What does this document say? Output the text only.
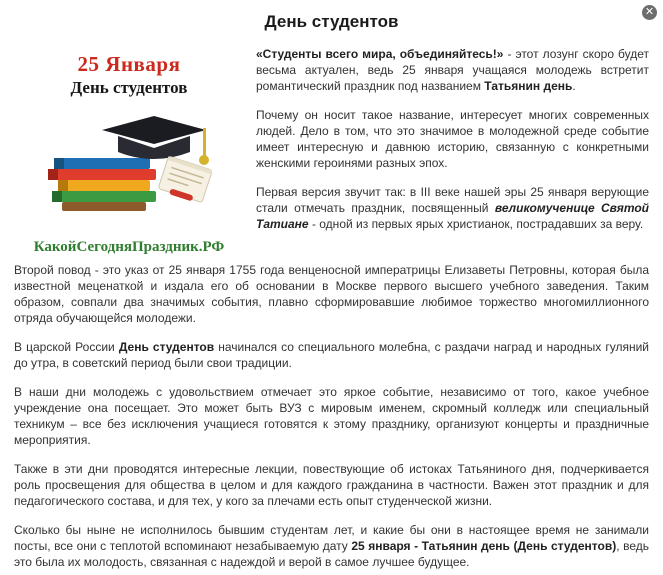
✕
День студентов
25 Января
День студентов
КакойСегодняПраздник.РФ

«Студенты всего мира, объединяйтесь!» - этот лозунг скоро будет весьма актуален, ведь 25 января учащаяся молодежь встретит романтический праздник под названием Татьянин день.

Почему он носит такое название, интересует многих современных людей. Дело в том, что это значимое в молодежной среде событие имеет интересную и давнюю историю, связанную с конкретными женскими героинями разных эпох.

Первая версия звучит так: в III веке нашей эры 25 января верующие стали отмечать праздник, посвященный великомученице Святой Татиане - одной из первых ярых христианок, пострадавших за веру.

Второй повод - это указ от 25 января 1755 года венценосной императрицы Елизаветы Петровны, которая была известной меценаткой и издала его об основании в Москве первого высшего учебного заведения. Таким образом, совпали два значимых события, плавно сформировавшие любимое торжество многомиллионного отряда обучающейся молодежи.

В царской России День студентов начинался со специального молебна, с раздачи наград и народных гуляний до утра, в советский период были свои традиции.

В наши дни молодежь с удовольствием отмечает это яркое событие, независимо от того, какое учебное учреждение она посещает. Это может быть ВУЗ с мировым именем, скромный колледж или специальный техникум – все без исключения учащиеся готовятся к этому празднику, организуют концерты и праздничные мероприятия.

Также в эти дни проводятся интересные лекции, повествующие об истоках Татьяниного дня, подчеркивается роль просвещения для общества в целом и для каждого гражданина в частности. Важен этот праздник и для педагогического состава, и для тех, у кого за плечами есть опыт студенческой жизни.

Сколько бы ныне не исполнилось бывшим студентам лет, и какие бы они в настоящее время не занимали посты, все они с теплотой вспоминают незабываемую дату 25 января - Татьянин день (День студентов), ведь это была их молодость, связанная с надеждой и верой в самое лучшее будущее.
